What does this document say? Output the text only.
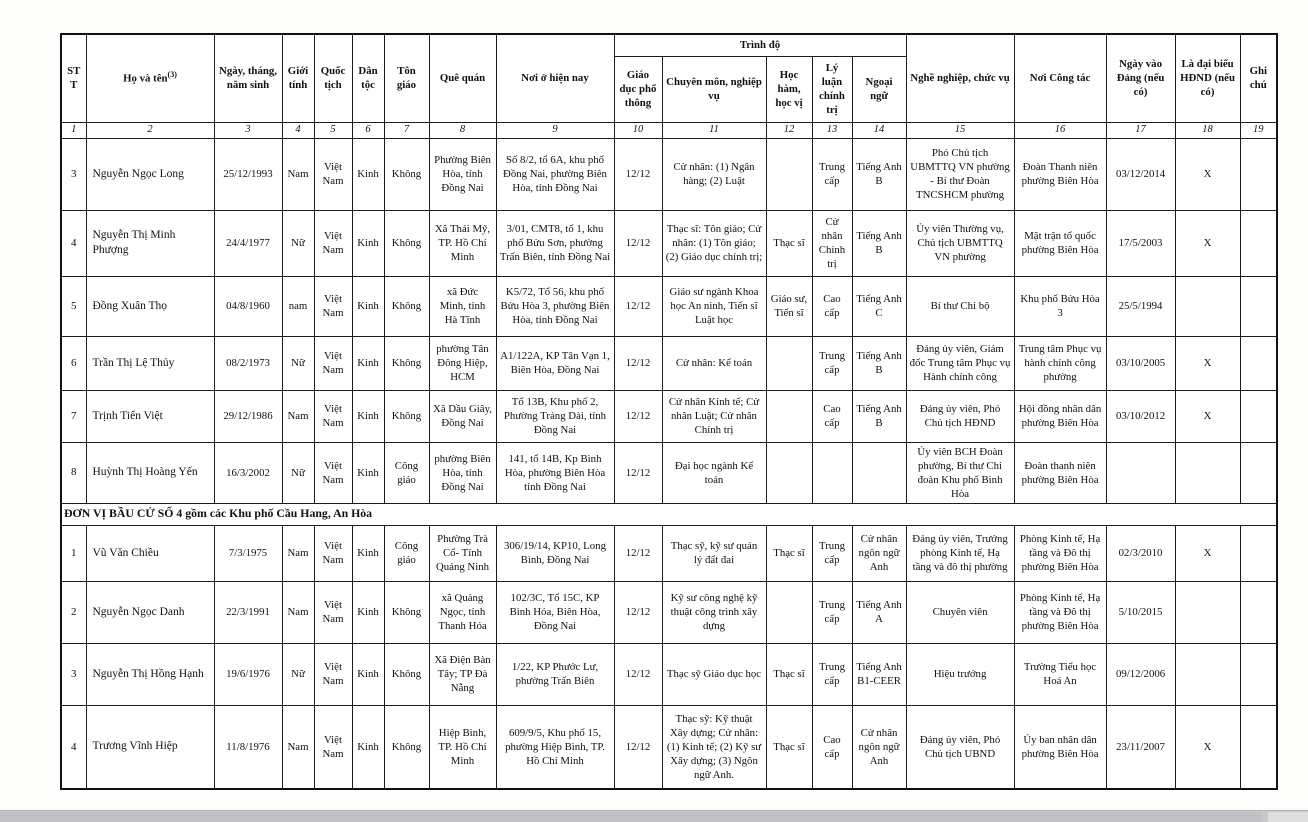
STT	Họ và tên$^{(3)}$	Ngày, tháng, năm sinh	Giới tính	Quốc tịch	Dân tộc	Tôn giáo	Quê quán	Nơi ở hiện nay	Trình độ					Nghề nghiệp, chức vụ	Nơi Công tác	Ngày vào Đảng (nếu có)	Là đại biểu HĐND (nếu có)	Ghi chú
									Giáo dục phổ thông	Chuyên môn, nghiệp vụ	Học hàm, học vị	Lý luận chính trị	Ngoại ngữ					
1	2	3	4	5	6	7	8	9	10	11	12	13	14	15	16	17	18	19
3	Nguyễn Ngọc Long	25/12/1993	Nam	Việt Nam	Kinh	Không	Phường Biên Hòa, tỉnh Đồng Nai	Số 8/2, tổ 6A, khu phố Đồng Nai, phường Biên Hòa, tỉnh Đồng Nai	12/12	Cử nhân: (1) Ngân hàng; (2) Luật		Trung cấp	Tiếng Anh B	Phó Chủ tịch UBMTTQ VN phường - Bí thư Đoàn TNCSHCM phường	Đoàn Thanh niên phường Biên Hòa	03/12/2014	X	
4	Nguyễn Thị Minh Phượng	24/4/1977	Nữ	Việt Nam	Kinh	Không	Xã Thái Mỹ, TP. Hồ Chí Minh	3/01, CMT8, tổ 1, khu phố Bửu Sơn, phường Trấn Biên, tỉnh Đồng Nai	12/12	Thạc sĩ: Tôn giáo; Cử nhân: (1) Tôn giáo; (2) Giáo dục chính trị;	Thạc sĩ	Cử nhân Chính trị	Tiếng Anh B	Ủy viên Thường vụ, Chủ tịch UBMTTQ VN phường	Mặt trận tổ quốc phường Biên Hòa	17/5/2003	X	
5	Đồng Xuân Thọ	04/8/1960	nam	Việt Nam	Kinh	Không	xã Đức Minh, tỉnh Hà Tĩnh	K5/72, Tổ 56, khu phố Bửu Hòa 3, phường Biên Hòa, tỉnh Đồng Nai	12/12	Giáo sư ngành Khoa học An ninh, Tiến sĩ Luật học	Giáo sư, Tiến sĩ	Cao cấp	Tiếng Anh C	Bí thư Chi bộ	Khu phố Bửu Hòa 3	25/5/1994		
6	Trần Thị Lệ Thủy	08/2/1973	Nữ	Việt Nam	Kinh	Không	phường Tân Đông Hiệp, HCM	A1/122A, KP Tân Vạn 1, Biên Hòa, Đồng Nai	12/12	Cử nhân: Kế toán		Trung cấp	Tiếng Anh B	Đảng ủy viên, Giám đốc Trung tâm Phục vụ Hành chính công	Trung tâm Phục vụ hành chính công phường	03/10/2005	X	
7	Trịnh Tiến Việt	29/12/1986	Nam	Việt Nam	Kinh	Không	Xã Dầu Giây, Đồng Nai	Tổ 13B, Khu phố 2, Phường Trảng Dài, tỉnh Đồng Nai	12/12	Cử nhân Kinh tế; Cử nhân Luật; Cử nhân Chính trị		Cao cấp	Tiếng Anh B	Đảng ủy viên, Phó Chủ tịch HĐND	Hội đồng nhân dân phường Biên Hòa	03/10/2012	X	
8	Huỳnh Thị Hoàng Yến	16/3/2002	Nữ	Việt Nam	Kinh	Công giáo	phường Biên Hòa, tỉnh Đồng Nai	141, tổ 14B, Kp Bình Hòa, phường Biên Hòa tỉnh Đồng Nai	12/12	Đại học ngành Kế toán				Ủy viên BCH Đoàn phường, Bí thư Chi đoàn Khu phố Bình Hòa	Đoàn thanh niên phường Biên Hòa			
ĐƠN VỊ BẦU CỬ SỐ 4 gồm các Khu phố Cầu Hang, An Hòa																		
1	Vũ Văn Chiều	7/3/1975	Nam	Việt Nam	Kinh	Công giáo	Phường Trà Cổ- Tỉnh Quảng Ninh	306/19/14, KP10, Long Bình, Đồng Nai	12/12	Thạc sỹ, kỹ sư quản lý đất đai	Thạc sĩ	Trung cấp	Cử nhân ngôn ngữ Anh	Đảng ủy viên, Trưởng phòng Kinh tế, Hạ tầng và đô thị phường	Phòng Kinh tế, Hạ tầng và Đô thị phường Biên Hòa	02/3/2010	X	
2	Nguyễn Ngọc Danh	22/3/1991	Nam	Việt Nam	Kinh	Không	xã Quảng Ngọc, tỉnh Thanh Hóa	102/3C, Tổ 15C, KP Bình Hóa, Biên Hòa, Đồng Nai	12/12	Kỹ sư công nghệ kỹ thuật công trình xây dựng		Trung cấp	Tiếng Anh A	Chuyên viên	Phòng Kinh tế, Hạ tầng và Đô thị phường Biên Hòa	5/10/2015		
3	Nguyễn Thị Hồng Hạnh	19/6/1976	Nữ	Việt Nam	Kinh	Không	Xã Điện Bàn Tây; TP Đà Nẵng	1/22, KP Phước Lư, phường Trấn Biên	12/12	Thạc sỹ Giáo dục học	Thạc sĩ	Trung cấp	Tiếng Anh B1-CEER	Hiệu trưởng	Trường Tiểu học Hoá An	09/12/2006		
4	Trương Vĩnh Hiệp	11/8/1976	Nam	Việt Nam	Kinh	Không	Hiệp Bình, TP. Hồ Chí Minh	609/9/5, Khu phố 15, phường Hiệp Bình, TP. Hồ Chí Minh	12/12	Thạc sỹ: Kỹ thuật Xây dựng; Cử nhân: (1) Kinh tế; (2) Kỹ sư Xây dựng; (3) Ngôn ngữ Anh.	Thạc sĩ	Cao cấp	Cử nhân ngôn ngữ Anh	Đảng ủy viên, Phó Chủ tịch UBND	Ủy ban nhân dân phường Biên Hòa	23/11/2007	X	
